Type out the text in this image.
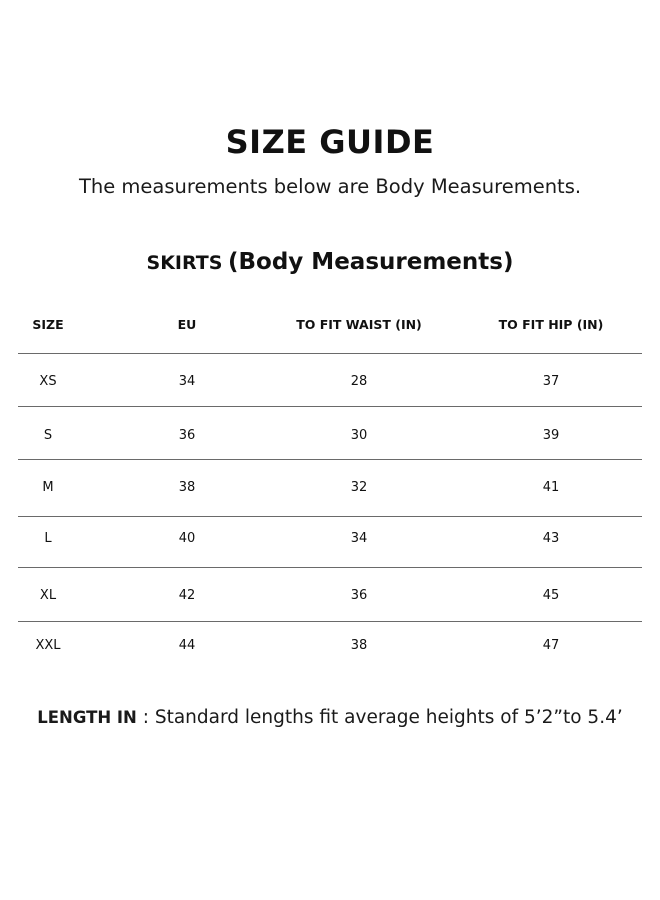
SIZE GUIDE
The measurements below are Body Measurements.
SKIRTS (Body Measurements)
SIZE	EU	TO FIT WAIST (IN)	TO FIT HIP (IN)
XS	34	28	37
S	36	30	39
M	38	32	41
L	40	34	43
XL	42	36	45
XXL	44	38	47
LENGTH IN : Standard lengths fit average heights of 5’2”to 5.4’
